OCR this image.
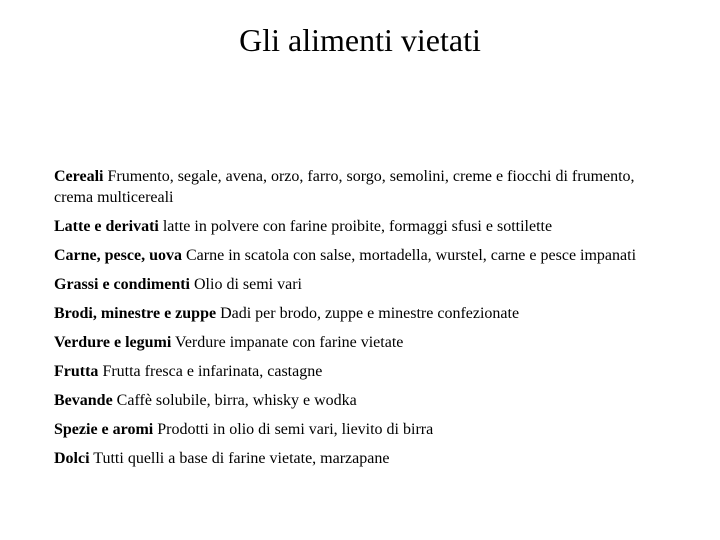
Gli alimenti vietati
Cereali Frumento, segale, avena, orzo, farro, sorgo, semolini, creme e fiocchi di frumento, crema multicereali
Latte e derivati latte in polvere con farine proibite, formaggi sfusi e sottilette
Carne, pesce, uova Carne in scatola con salse, mortadella, wurstel, carne e pesce impanati
Grassi e condimenti Olio di semi vari
Brodi, minestre e zuppe Dadi per brodo, zuppe e minestre confezionate
Verdure e legumi Verdure impanate con farine vietate
Frutta Frutta fresca e infarinata, castagne
Bevande Caffè solubile, birra, whisky e wodka
Spezie e aromi Prodotti in olio di semi vari, lievito di birra
Dolci Tutti quelli a base di farine vietate, marzapane
